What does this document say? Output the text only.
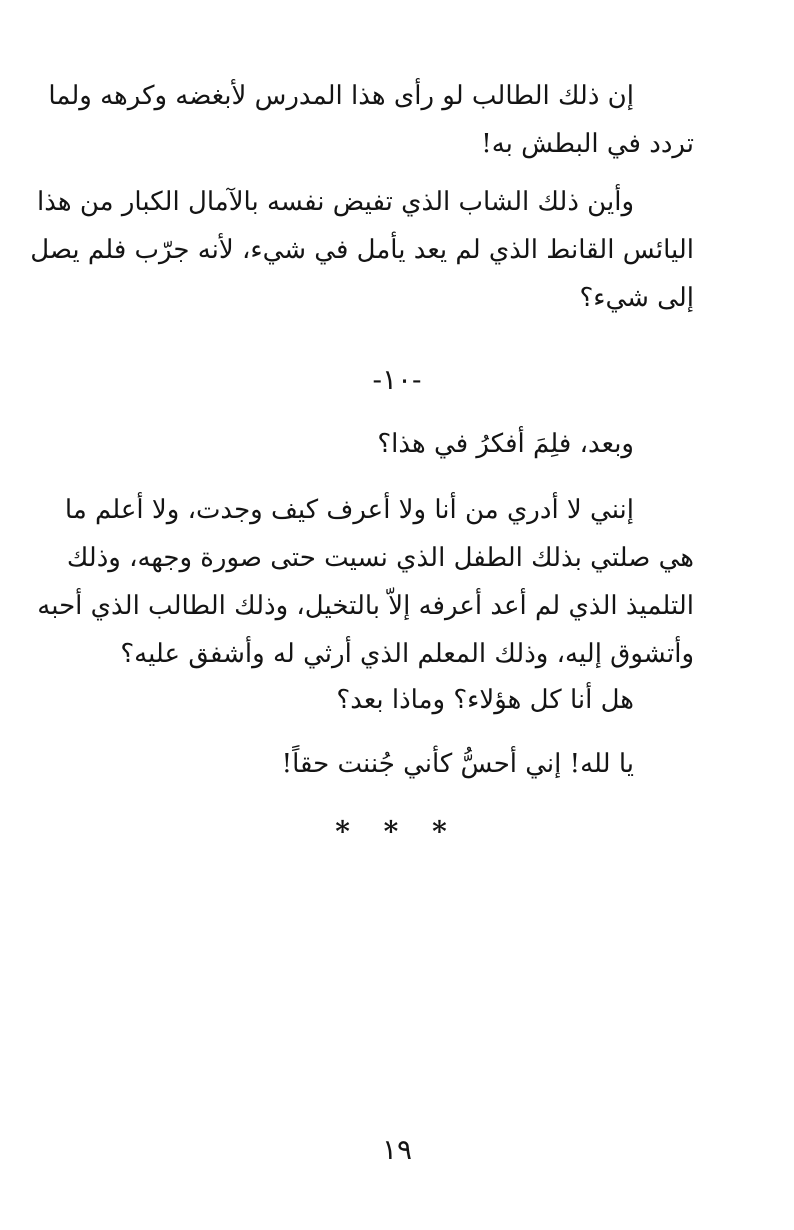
إن ذلك الطالب لو رأى هذا المدرس لأبغضه وكرهه ولما
تردد في البطش به!
وأين ذلك الشاب الذي تفيض نفسه بالآمال الكبار من هذا
اليائس القانط الذي لم يعد يأمل في شيء، لأنه جرّب فلم يصل
إلى شيء؟
-١٠-
وبعد، فلِمَ أفكرُ في هذا؟
إنني لا أدري من أنا ولا أعرف كيف وجدت، ولا أعلم ما
هي صلتي بذلك الطفل الذي نسيت حتى صورة وجهه، وذلك
التلميذ الذي لم أعد أعرفه إلاّ بالتخيل، وذلك الطالب الذي أحبه
وأتشوق إليه، وذلك المعلم الذي أرثي له وأشفق عليه؟
هل أنا كل هؤلاء؟ وماذا بعد؟
يا لله! إني أحسُّ كأني جُننت حقاً!
* * *
١٩
